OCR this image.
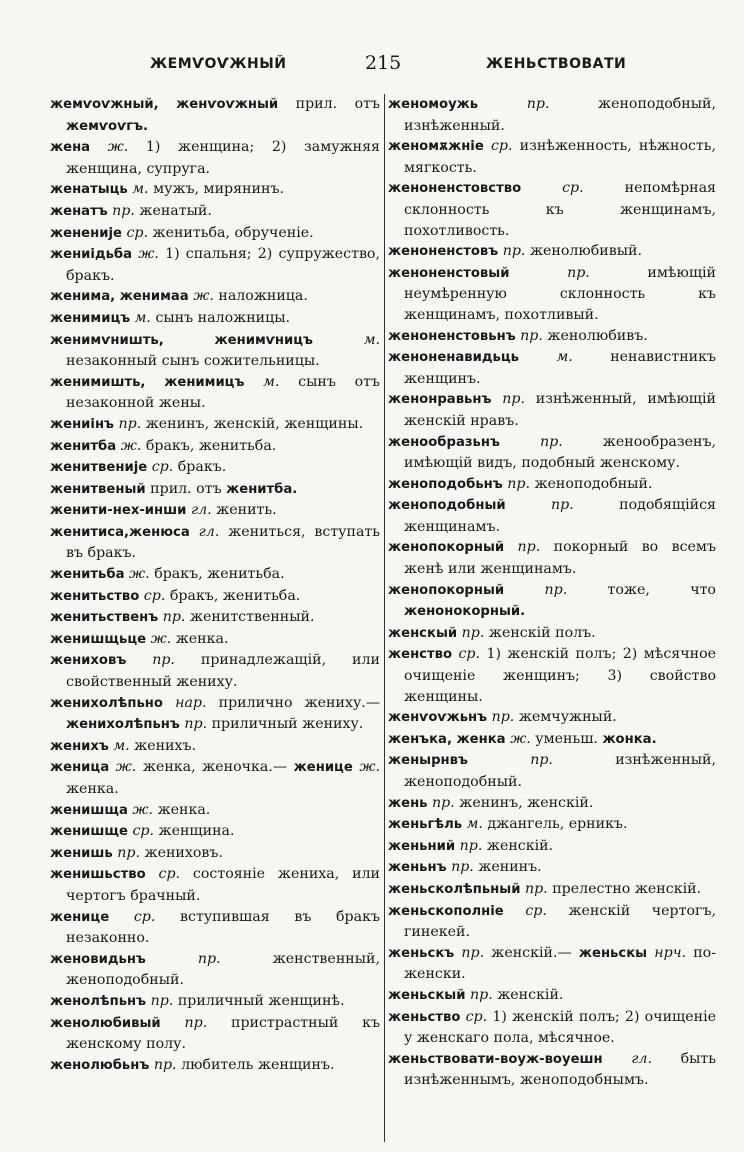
ЖЕМѴОѴЖНЫЙ	215	ЖЕНЬСТВОВАТИ
жемѵоѵжный, женѵоѵжный прил. отъ жемѵоѵгъ.
жена ж. 1) женщина; 2) замужняя женщина, супруга.
женатыць м. мужъ, мирянинъ.
женатъ пр. женатый.
жененије ср. женитьба, обрученіе.
жениідьба ж. 1) спальня; 2) супружество, бракъ.
женима, женимаа ж. наложница.
женимицъ м. сынъ наложницы.
женимѵништь, женимѵницъ	м. незаконный сынъ сожительницы.
женимишть, женимицъ м. сынъ отъ незаконной жены.
жениінъ пр. женинъ, женскій, женщины.
женитба ж. бракъ, женитьба.
женитвеније ср. бракъ.
женитвеный прил. отъ женитба.
женити-нех-инши гл. женить.
женитиса,женюса гл. жениться, вступать въ бракъ.
женитьба ж. бракъ, женитьба.
женитьство ср. бракъ, женитьба.
женитьственъ пр. женитственный.
женишщьце ж. женка.
жениховъ пр. принадлежащій, или свойственный жениху.
женихолѣпьно нар. прилично жениху.— женихолѣпьнъ пр. приличный жениху.
женихъ м. женихъ.
женица ж. женка, женочка.— женице ж. женка.
женишща ж. женка.
женишще ср. женщина.
женишь пр. жениховъ.
женишьство ср. состояніе жениха, или чертогъ брачный.
женице ср. вступившая въ бракъ незаконно.
женовидьнъ	пр.	женственный, женоподобный.
женолѣпьнъ пр. приличный женщинѣ.
женолюбивый пр. пристрастный къ женскому полу.
женолюбьнъ пр. любитель женщинъ.
женомоужь	пр.	женоподобный, изнѣженный.
женомѫжніе ср. изнѣженность, нѣжность, мягкость.
женоненстовство	ср.	непомѣрная склонность къ женщинамъ, похотливость.
женоненстовъ пр. женолюбивый.
женоненстовый	пр.	имѣющій неумѣренную склонность къ женщинамъ, похотливый.
женоненстовьнъ пр. женолюбивъ.
женоненавидьць	м.	ненавистникъ женщинъ.
женонравьнъ пр. изнѣженный, имѣющій женскій нравъ.
женообразьнъ	пр.	женообразенъ, имѣющій видъ, подобный женскому.
женоподобьнъ пр. женоподобный.
женоподобный	пр.	подобящійся женщинамъ.
женопокорный пр. покорный во всемъ женѣ или женщинамъ.
женопокорный	пр.	тоже, что женонокорный.
женскый пр. женскій полъ.
женство ср. 1) женскій полъ; 2) мѣсячное очищеніе женщинъ; 3) свойство женщины.
женѵоѵжьнъ пр. жемчужный.
женъка, женка ж. уменьш. жонка.
женырнвъ	пр.	изнѣженный, женоподобный.
жень пр. женинъ, женскій.
женьгѣль м. джангель, ерникъ.
женьний пр. женскій.
женьнъ пр. женинъ.
женьсколѣпьный пр. прелестно женскій.
женьскополніе ср. женскій чертогъ, гинекей.
женьскъ пр. женскій.— женьскы нрч. по-женски.
женьскый пр. женскій.
женьство ср. 1) женскій полъ; 2) очищеніе у женскаго пола, мѣсячное.
женьствовати-воуж-воуешн гл. быть изнѣженнымъ, женоподобнымъ.
